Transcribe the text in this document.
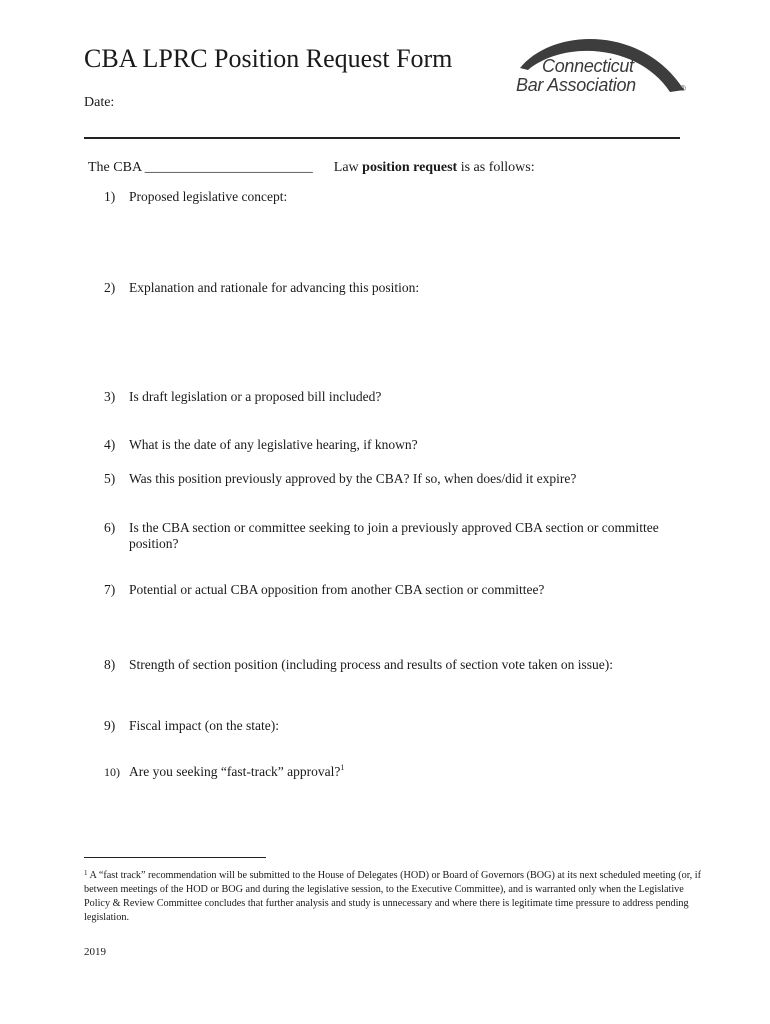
CBA LPRC Position Request Form
Date:
Connecticut
Bar Association	®
The CBA ________________________ Law position request is as follows:
1) Proposed legislative concept:
2) Explanation and rationale for advancing this position:
3) Is draft legislation or a proposed bill included?
4) What is the date of any legislative hearing, if known?
5) Was this position previously approved by the CBA? If so, when does/did it expire?
6) Is the CBA section or committee seeking to join a previously approved CBA section or committee
position?
7) Potential or actual CBA opposition from another CBA section or committee?
8) Strength of section position (including process and results of section vote taken on issue):
9) Fiscal impact (on the state):
10) Are you seeking “fast-track” approval?$^1$
$^1$ A “fast track” recommendation will be submitted to the House of Delegates (HOD) or Board of Governors (BOG) at its next scheduled meeting (or, if between meetings of the HOD or BOG and during the legislative session, to the Executive Committee), and is warranted only when the Legislative Policy & Review Committee concludes that further analysis and study is unnecessary and where there is legitimate time pressure to address pending legislation.
2019
